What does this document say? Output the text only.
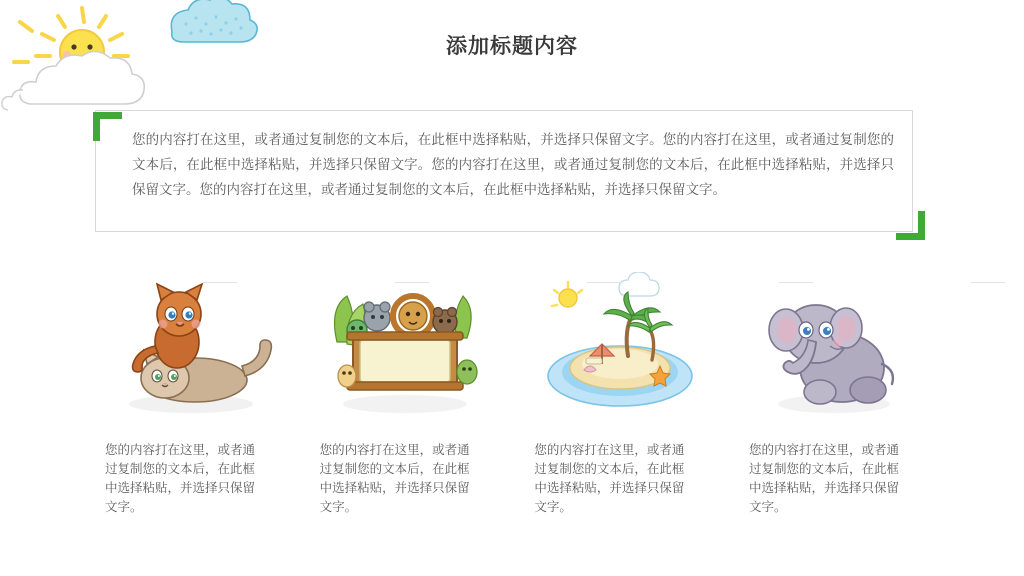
添加标题内容
您的内容打在这里，或者通过复制您的文本后，在此框中选择粘贴，并选择只保留文字。您的内容打在这里，或者通过复制您的文本后，在此框中选择粘贴，并选择只保留文字。您的内容打在这里，或者通过复制您的文本后，在此框中选择粘贴，并选择只保留文字。您的内容打在这里，或者通过复制您的文本后，在此框中选择粘贴，并选择只保留文字。
您的内容打在这里，或者通过复制您的文本后，在此框中选择粘贴，并选择只保留文字。
您的内容打在这里，或者通过复制您的文本后，在此框中选择粘贴，并选择只保留文字。
您的内容打在这里，或者通过复制您的文本后，在此框中选择粘贴，并选择只保留文字。
您的内容打在这里，或者通过复制您的文本后，在此框中选择粘贴，并选择只保留文字。
